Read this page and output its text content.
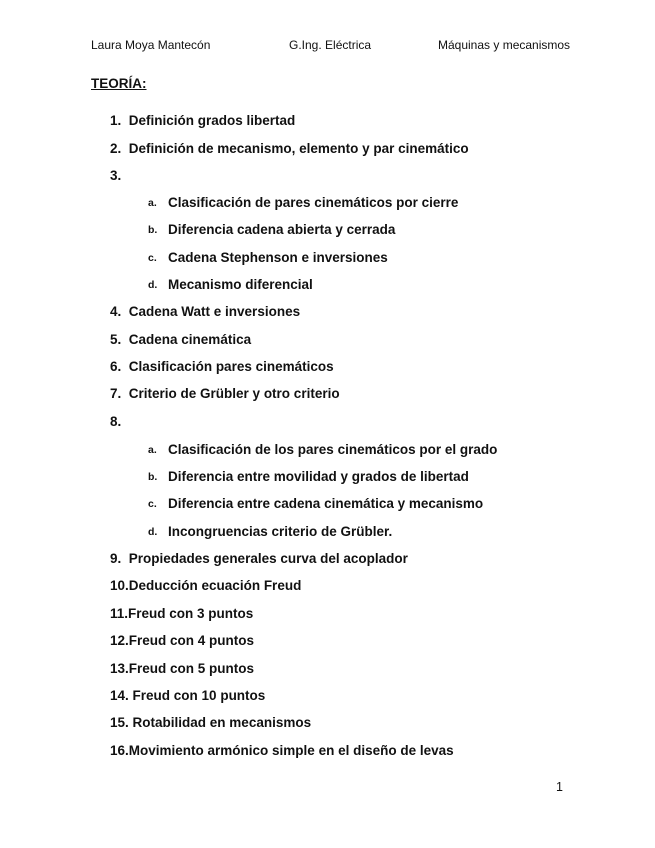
Laura Moya Mantecón	G.Ing. Eléctrica	Máquinas y mecanismos
TEORÍA:
1. Definición grados libertad
2. Definición de mecanismo, elemento y par cinemático
3.
a. Clasificación de pares cinemáticos por cierre
b. Diferencia cadena abierta y cerrada
c. Cadena Stephenson e inversiones
d. Mecanismo diferencial
4. Cadena Watt e inversiones
5. Cadena cinemática
6. Clasificación pares cinemáticos
7. Criterio de Grübler y otro criterio
8.
a. Clasificación de los pares cinemáticos por el grado
b. Diferencia entre movilidad y grados de libertad
c. Diferencia entre cadena cinemática y mecanismo
d. Incongruencias criterio de Grübler.
9. Propiedades generales curva del acoplador
10.Deducción ecuación Freud
11.Freud con 3 puntos
12.Freud con 4 puntos
13.Freud con 5 puntos
14. Freud con 10 puntos
15. Rotabilidad en mecanismos
16.Movimiento armónico simple en el diseño de levas
1
